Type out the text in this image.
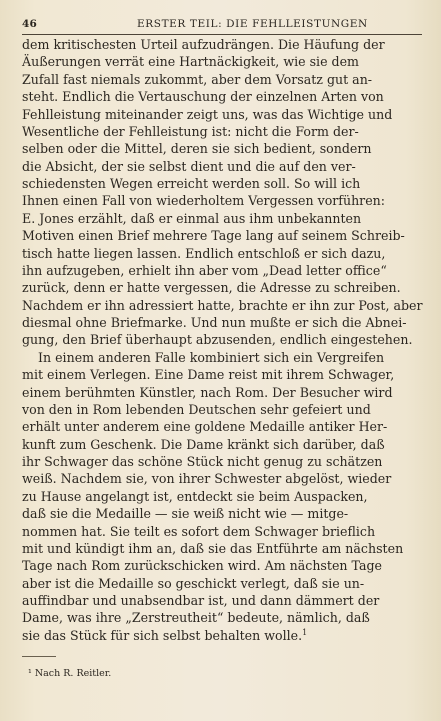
46	ERSTER TEIL: DIE FEHLLEISTUNGEN
dem kritischesten Urteil aufzudrängen. Die Häufung der
Äußerungen verrät eine Hartnäckigkeit, wie sie dem
Zufall fast niemals zukommt, aber dem Vorsatz gut an-
steht. Endlich die Vertauschung der einzelnen Arten von
Fehlleistung miteinander zeigt uns, was das Wichtige und
Wesentliche der Fehlleistung ist: nicht die Form der-
selben oder die Mittel, deren sie sich bedient, sondern
die Absicht, der sie selbst dient und die auf den ver-
schiedensten Wegen erreicht werden soll. So will ich
Ihnen einen Fall von wiederholtem Vergessen vorführen:
E. Jones erzählt, daß er einmal aus ihm unbekannten
Motiven einen Brief mehrere Tage lang auf seinem Schreib-
tisch hatte liegen lassen. Endlich entschloß er sich dazu,
ihn aufzugeben, erhielt ihn aber vom „Dead letter office“
zurück, denn er hatte vergessen, die Adresse zu schreiben.
Nachdem er ihn adressiert hatte, brachte er ihn zur Post, aber
diesmal ohne Briefmarke. Und nun mußte er sich die Abnei-
gung, den Brief überhaupt abzusenden, endlich eingestehen.
In einem anderen Falle kombiniert sich ein Vergreifen
mit einem Verlegen. Eine Dame reist mit ihrem Schwager,
einem berühmten Künstler, nach Rom. Der Besucher wird
von den in Rom lebenden Deutschen sehr gefeiert und
erhält unter anderem eine goldene Medaille antiker Her-
kunft zum Geschenk. Die Dame kränkt sich darüber, daß
ihr Schwager das schöne Stück nicht genug zu schätzen
weiß. Nachdem sie, von ihrer Schwester abgelöst, wieder
zu Hause angelangt ist, entdeckt sie beim Auspacken,
daß sie die Medaille — sie weiß nicht wie — mitge-
nommen hat. Sie teilt es sofort dem Schwager brieflich
mit und kündigt ihm an, daß sie das Entführte am nächsten
Tage nach Rom zurückschicken wird. Am nächsten Tage
aber ist die Medaille so geschickt verlegt, daß sie un-
auffindbar und unabsendbar ist, und dann dämmert der
Dame, was ihre „Zerstreutheit“ bedeute, nämlich, daß
sie das Stück für sich selbst behalten wolle.$^1$
¹ Nach R. Reitler.
